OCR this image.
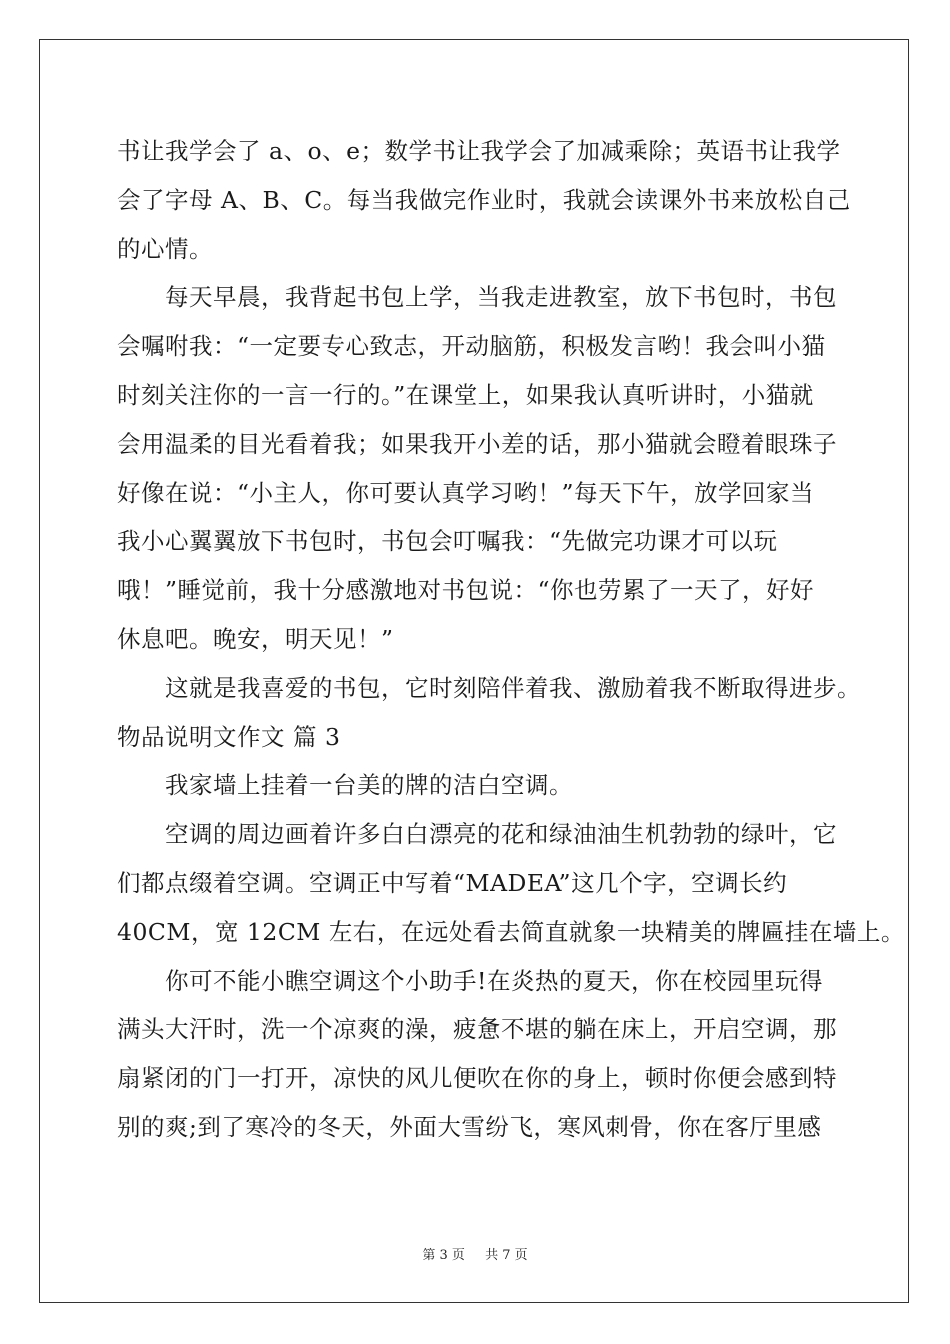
书让我学会了 a、o、e；数学书让我学会了加减乘除；英语书让我学
会了字母 A、B、C。每当我做完作业时，我就会读课外书来放松自己
的心情。
每天早晨，我背起书包上学，当我走进教室，放下书包时，书包
会嘱咐我：“一定要专心致志，开动脑筋，积极发言哟！我会叫小猫
时刻关注你的一言一行的。”在课堂上，如果我认真听讲时，小猫就
会用温柔的目光看着我；如果我开小差的话，那小猫就会瞪着眼珠子
好像在说：“小主人，你可要认真学习哟！”每天下午，放学回家当
我小心翼翼放下书包时，书包会叮嘱我：“先做完功课才可以玩
哦！”睡觉前，我十分感激地对书包说：“你也劳累了一天了，好好
休息吧。晚安，明天见！”
这就是我喜爱的书包，它时刻陪伴着我、激励着我不断取得进步。
物品说明文作文 篇 3
我家墙上挂着一台美的牌的洁白空调。
空调的周边画着许多白白漂亮的花和绿油油生机勃勃的绿叶，它
们都点缀着空调。空调正中写着“MADEA”这几个字，空调长约
40CM，宽 12CM 左右，在远处看去简直就象一块精美的牌匾挂在墙上。
你可不能小瞧空调这个小助手!在炎热的夏天，你在校园里玩得
满头大汗时，洗一个凉爽的澡，疲惫不堪的躺在床上，开启空调，那
扇紧闭的门一打开，凉快的风儿便吹在你的身上，顿时你便会感到特
别的爽;到了寒冷的冬天，外面大雪纷飞，寒风刺骨，你在客厅里感
第 3 页 共 7 页
